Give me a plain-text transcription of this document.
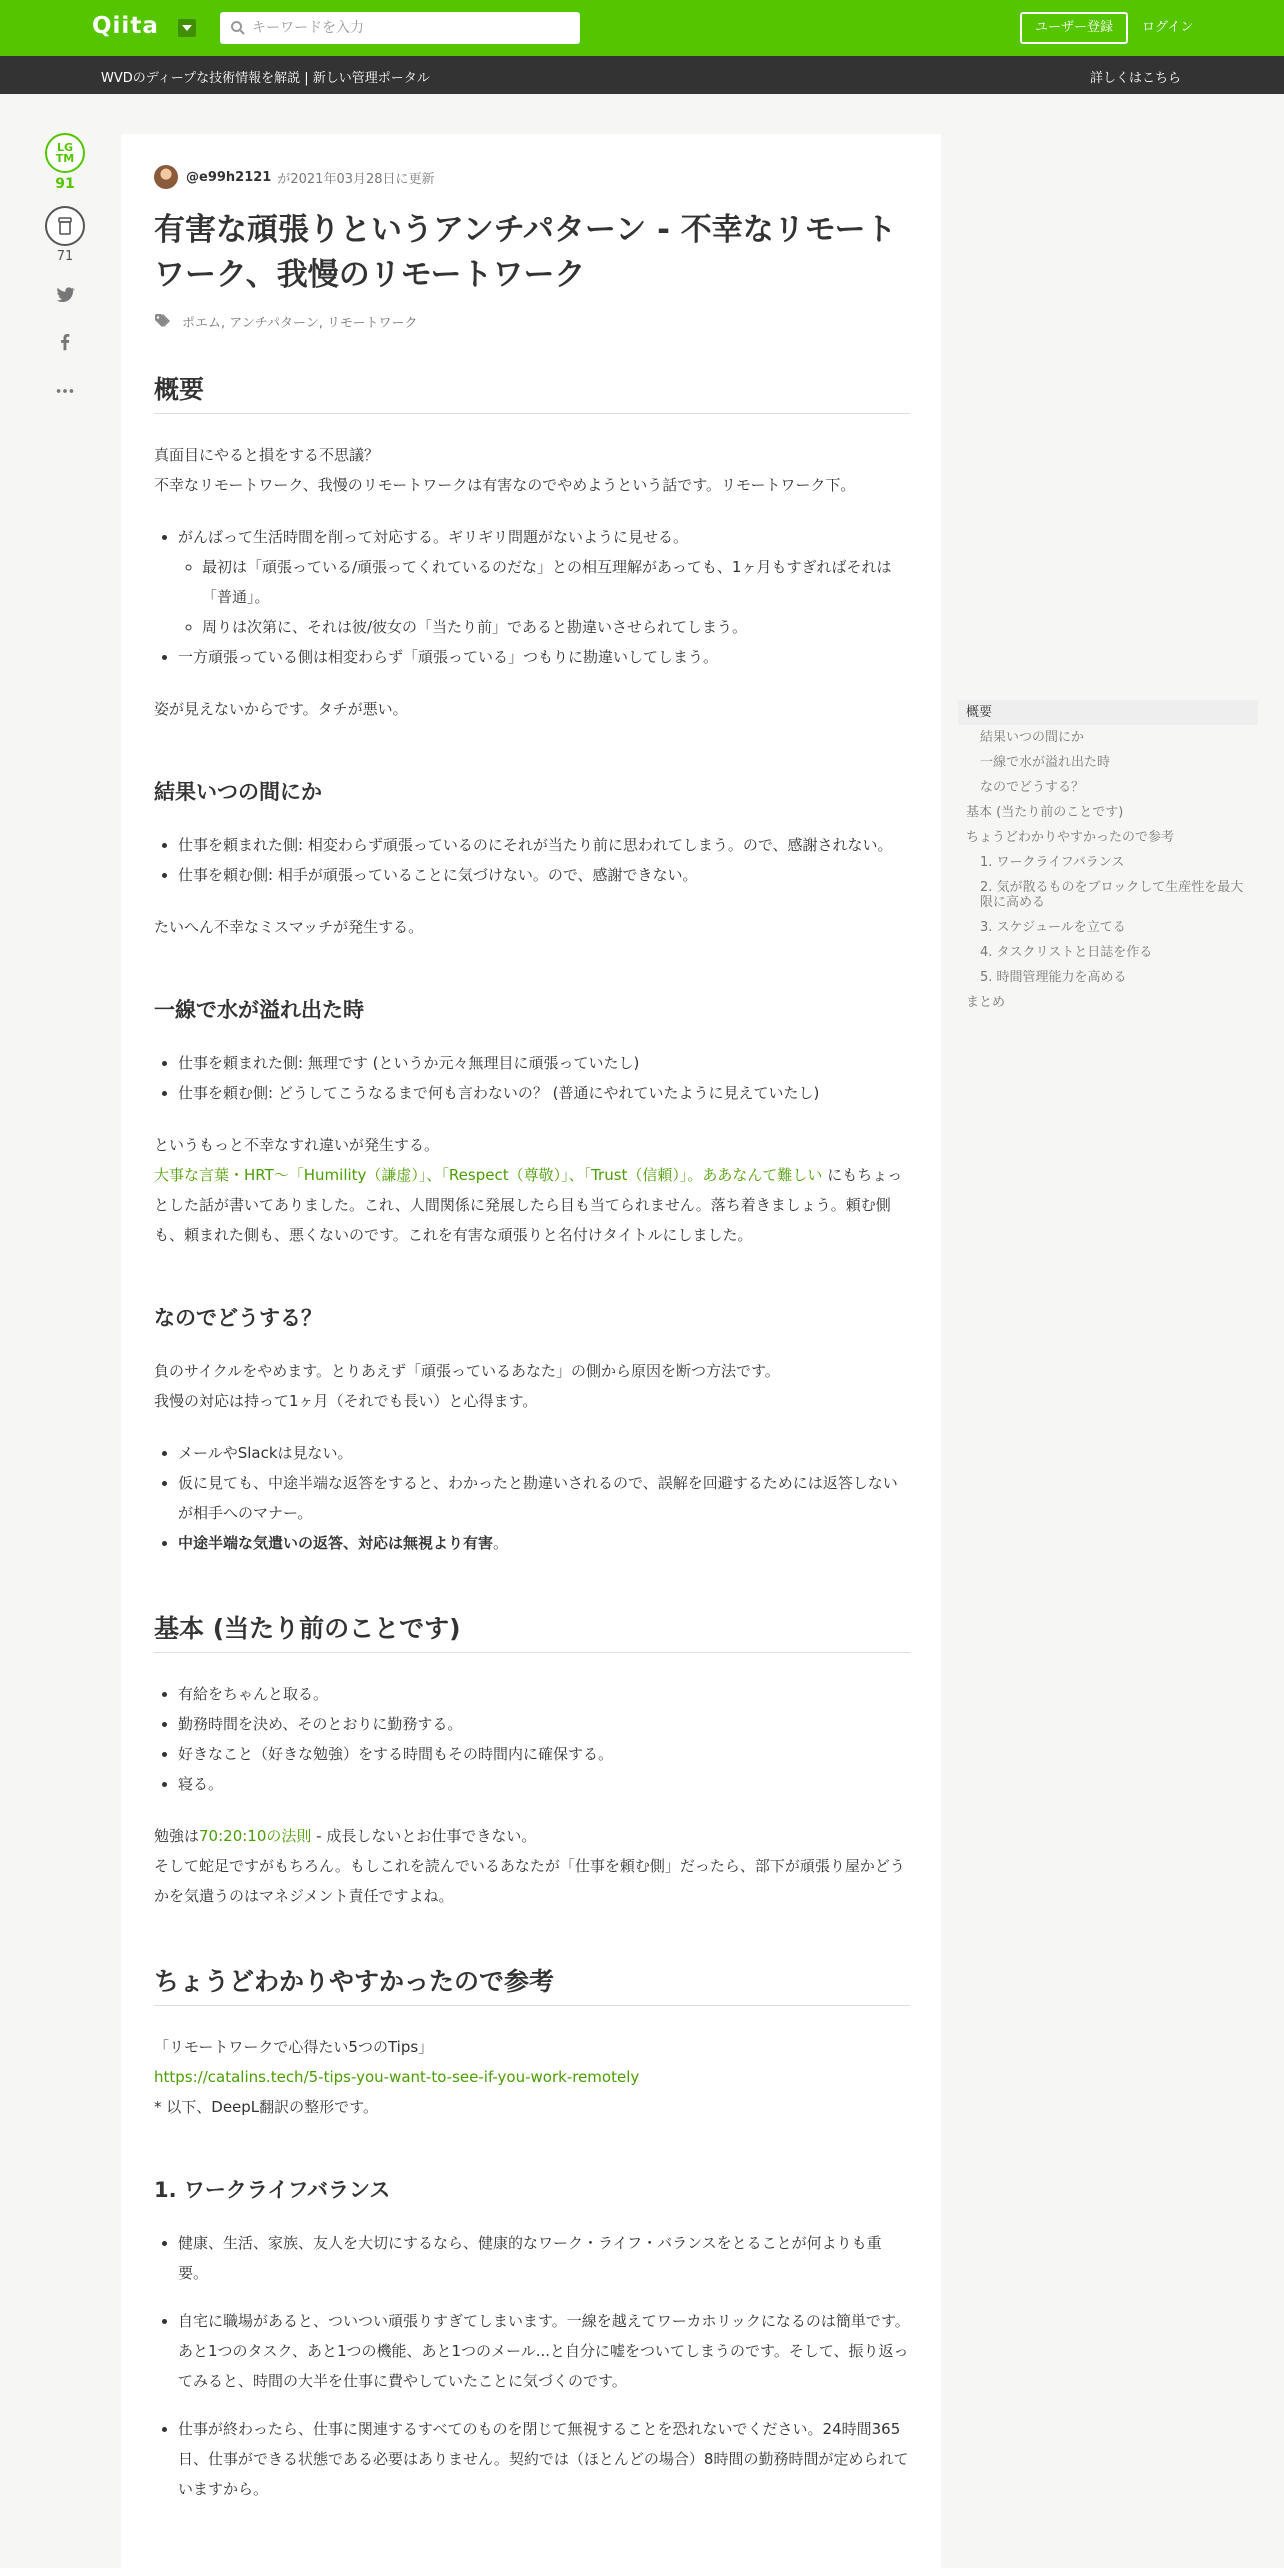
Qiita
キーワードを入力	ユーザー登録	ログイン
WVDのディープな技術情報を解説 | 新しい管理ポータル	詳しくはこちら
LG
TM
91
71
@e99h2121 が2021年03月28日に更新
有害な頑張りというアンチパターン - 不幸なリモートワーク、我慢のリモートワーク
ポエム, アンチパターン, リモートワーク
概要

真面目にやると損をする不思議？
不幸なリモートワーク、我慢のリモートワークは有害なのでやめようという話です。リモートワーク下。

• がんばって生活時間を削って対応する。ギリギリ問題がないように見せる。
◦ 最初は「頑張っている/頑張ってくれているのだな」との相互理解があっても、1ヶ月もすぎればそれは「普通」。
◦ 周りは次第に、それは彼/彼女の「当たり前」であると勘違いさせられてしまう。
• 一方頑張っている側は相変わらず「頑張っている」つもりに勘違いしてしまう。

姿が見えないからです。タチが悪い。

結果いつの間にか
• 仕事を頼まれた側: 相変わらず頑張っているのにそれが当たり前に思われてしまう。ので、感謝されない。
• 仕事を頼む側: 相手が頑張っていることに気づけない。ので、感謝できない。

たいへん不幸なミスマッチが発生する。

一線で水が溢れ出た時
• 仕事を頼まれた側: 無理です (というか元々無理目に頑張っていたし)
• 仕事を頼む側: どうしてこうなるまで何も言わないの？ (普通にやれていたように見えていたし)

というもっと不幸なすれ違いが発生する。
大事な言葉・HRT～「Humility（謙虚）」、「Respect（尊敬）」、「Trust（信頼）」。ああなんて難しい にもちょっとした話が書いてありました。これ、人間関係に発展したら目も当てられません。落ち着きましょう。頼む側も、頼まれた側も、悪くないのです。これを有害な頑張りと名付けタイトルにしました。

なのでどうする？

負のサイクルをやめます。とりあえず「頑張っているあなた」の側から原因を断つ方法です。
我慢の対応は持って1ヶ月（それでも長い）と心得ます。

• メールやSlackは見ない。
• 仮に見ても、中途半端な返答をすると、わかったと勘違いされるので、誤解を回避するためには返答しないが相手へのマナー。
• 中途半端な気遣いの返答、対応は無視より有害。
基本 (当たり前のことです)
• 有給をちゃんと取る。
• 勤務時間を決め、そのとおりに勤務する。
• 好きなこと（好きな勉強）をする時間もその時間内に確保する。
• 寝る。

勉強は70:20:10の法則 - 成長しないとお仕事できない。
そして蛇足ですがもちろん。もしこれを読んでいるあなたが「仕事を頼む側」だったら、部下が頑張り屋かどうかを気遣うのはマネジメント責任ですよね。

ちょうどわかりやすかったので参考

「リモートワークで心得たい5つのTips」
https://catalins.tech/5-tips-you-want-to-see-if-you-work-remotely
* 以下、DeepL翻訳の整形です。

1. ワークライフバランス
• 健康、生活、家族、友人を大切にするなら、健康的なワーク・ライフ・バランスをとることが何よりも重要。
• 自宅に職場があると、ついつい頑張りすぎてしまいます。一線を越えてワーカホリックになるのは簡単です。あと1つのタスク、あと1つの機能、あと1つのメール...と自分に嘘をついてしまうのです。そして、振り返ってみると、時間の大半を仕事に費やしていたことに気づくのです。
• 仕事が終わったら、仕事に関連するすべてのものを閉じて無視することを恐れないでください。24時間365日、仕事ができる状態である必要はありません。契約では（ほとんどの場合）8時間の勤務時間が定められていますから。
概要
結果いつの間にか
一線で水が溢れ出た時
なのでどうする？
基本 (当たり前のことです)
ちょうどわかりやすかったので参考
1. ワークライフバランス
2. 気が散るものをブロックして生産性を最大限に高める
3. スケジュールを立てる
4. タスクリストと日誌を作る
5. 時間管理能力を高める
まとめ
